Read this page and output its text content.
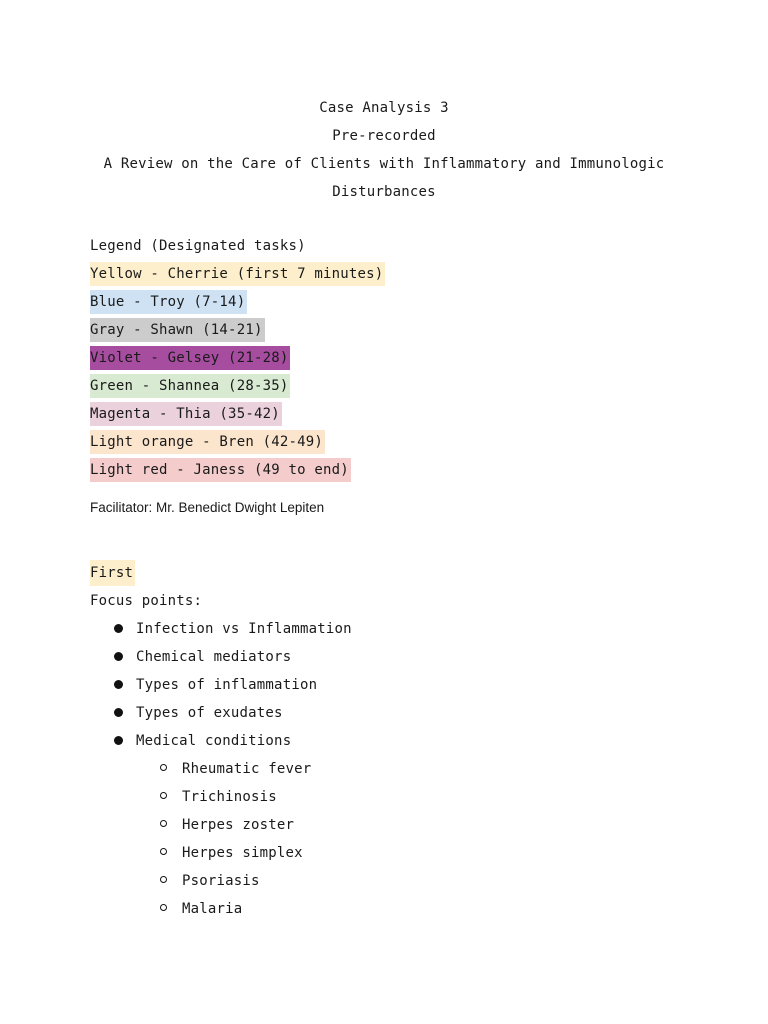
Case Analysis 3
Pre-recorded
A Review on the Care of Clients with Inflammatory and Immunologic
Disturbances
Legend (Designated tasks)
Yellow - Cherrie (first 7 minutes)
Blue - Troy (7-14)
Gray - Shawn (14-21)
Violet - Gelsey (21-28)
Green - Shannea (28-35)
Magenta - Thia (35-42)
Light orange - Bren (42-49)
Light red - Janess (49 to end)
Facilitator: Mr. Benedict Dwight Lepiten
First
Focus points:
Infection vs Inflammation
Chemical mediators
Types of inflammation
Types of exudates
Medical conditions
Rheumatic fever
Trichinosis
Herpes zoster
Herpes simplex
Psoriasis
Malaria
